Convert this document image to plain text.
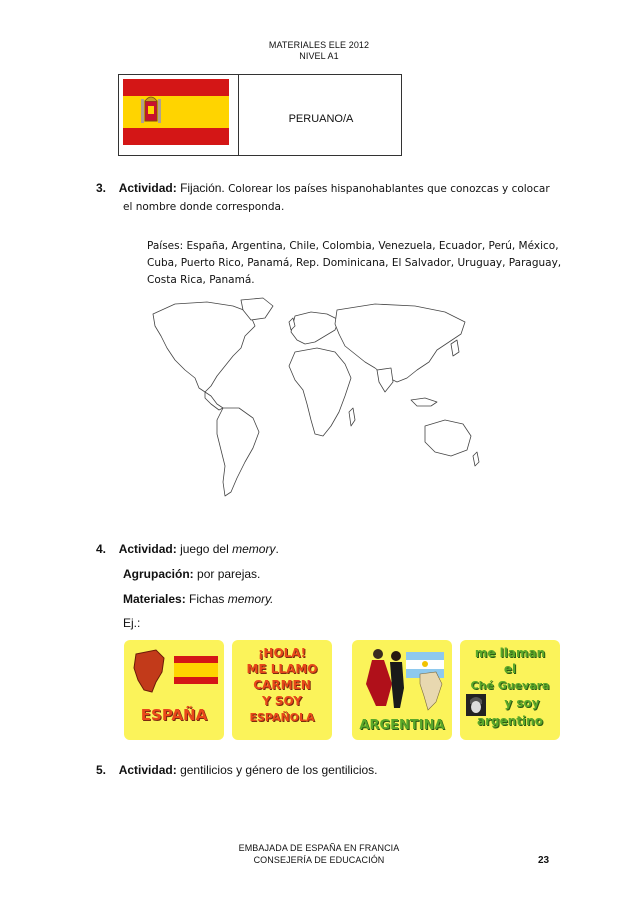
MATERIALES ELE 2012
NIVEL A1
PERUANO/A
3. Actividad: Fijación. Colorear los países hispanohablantes que conozcas y colocar
el nombre donde corresponda.
Países: España, Argentina, Chile, Colombia, Venezuela, Ecuador, Perú, México,
Cuba, Puerto Rico, Panamá, Rep. Dominicana, El Salvador, Uruguay, Paraguay,
Costa Rica, Panamá.
4. Actividad: juego del memory.
Agrupación: por parejas.
Materiales: Fichas memory.
Ej.:
ESPAÑA
¡HOLA!
ME LLAMO
CARMEN
Y SOY
ESPAÑOLA
ARGENTINA
me llaman
el
Ché Guevara
y soy
argentino
5. Actividad: gentilicios y género de los gentilicios.
EMBAJADA DE ESPAÑA EN FRANCIA
CONSEJERÍA DE EDUCACIÓN	23
